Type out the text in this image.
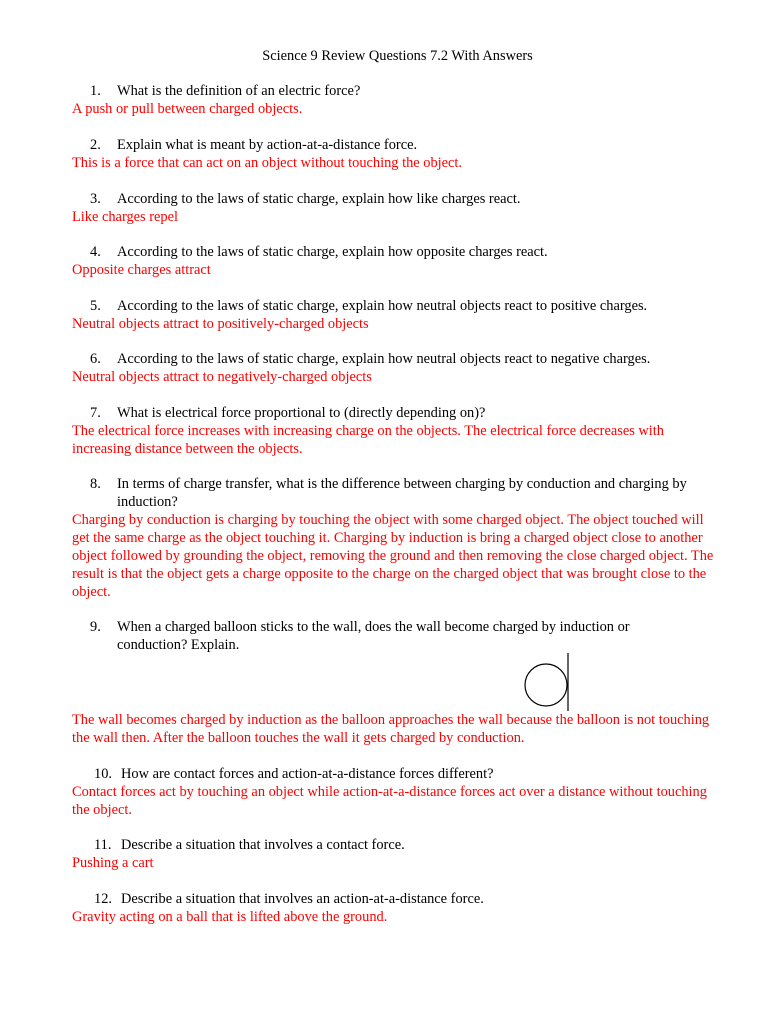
Science 9 Review Questions 7.2 With Answers
1. What is the definition of an electric force?
A push or pull between charged objects.
2. Explain what is meant by action-at-a-distance force.
This is a force that can act on an object without touching the object.
3. According to the laws of static charge, explain how like charges react.
Like charges repel
4. According to the laws of static charge, explain how opposite charges react.
Opposite charges attract
5. According to the laws of static charge, explain how neutral objects react to positive charges.
Neutral objects attract to positively-charged objects
6. According to the laws of static charge, explain how neutral objects react to negative charges.
Neutral objects attract to negatively-charged objects
7. What is electrical force proportional to (directly depending on)?
The electrical force increases with increasing charge on the objects. The electrical force decreases with increasing distance between the objects.
8. In terms of charge transfer, what is the difference between charging by conduction and charging by induction?
Charging by conduction is charging by touching the object with some charged object. The object touched will get the same charge as the object touching it. Charging by induction is bring a charged object close to another object followed by grounding the object, removing the ground and then removing the close charged object. The result is that the object gets a charge opposite to the charge on the charged object that was brought close to the object.
9. When a charged balloon sticks to the wall, does the wall become charged by induction or conduction? Explain.
The wall becomes charged by induction as the balloon approaches the wall because the balloon is not touching the wall then. After the balloon touches the wall it gets charged by conduction.
10. How are contact forces and action-at-a-distance forces different?
Contact forces act by touching an object while action-at-a-distance forces act over a distance without touching the object.
11. Describe a situation that involves a contact force.
Pushing a cart
12. Describe a situation that involves an action-at-a-distance force.
Gravity acting on a ball that is lifted above the ground.
